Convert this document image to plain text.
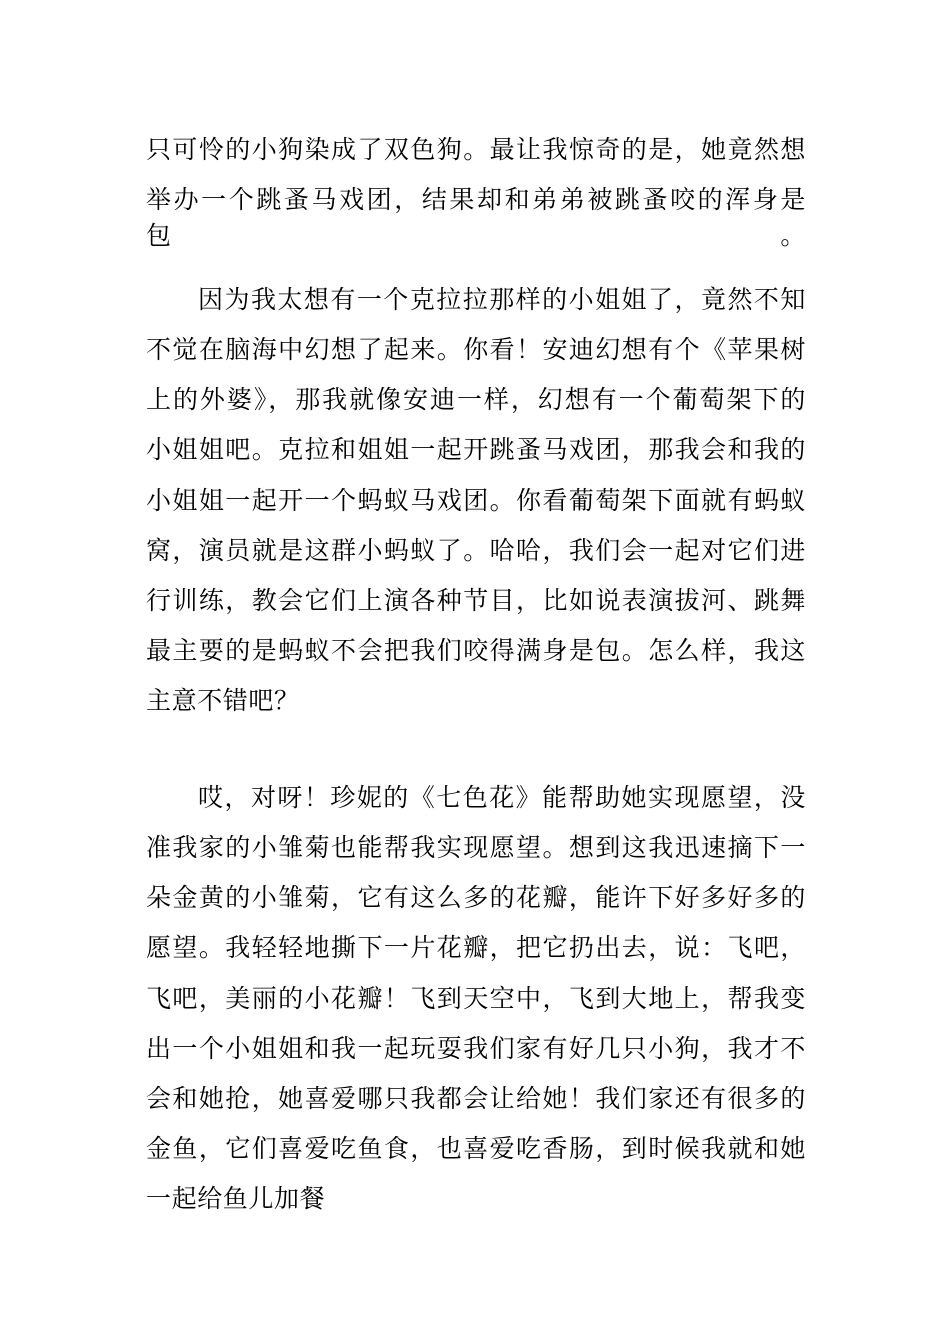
只可怜的小狗染成了双色狗。最让我惊奇的是，她竟然想
举办一个跳蚤马戏团，结果却和弟弟被跳蚤咬的浑身是包。
因为我太想有一个克拉拉那样的小姐姐了，竟然不知
不觉在脑海中幻想了起来。你看！安迪幻想有个《苹果树
上的外婆》，那我就像安迪一样，幻想有一个葡萄架下的
小姐姐吧。克拉和姐姐一起开跳蚤马戏团，那我会和我的
小姐姐一起开一个蚂蚁马戏团。你看葡萄架下面就有蚂蚁
窝，演员就是这群小蚂蚁了。哈哈，我们会一起对它们进
行训练，教会它们上演各种节目，比如说表演拔河、跳舞
最主要的是蚂蚁不会把我们咬得满身是包。怎么样，我这
主意不错吧？
哎，对呀！珍妮的《七色花》能帮助她实现愿望，没
准我家的小雏菊也能帮我实现愿望。想到这我迅速摘下一
朵金黄的小雏菊，它有这么多的花瓣，能许下好多好多的
愿望。我轻轻地撕下一片花瓣，把它扔出去，说：飞吧，
飞吧，美丽的小花瓣！飞到天空中，飞到大地上，帮我变
出一个小姐姐和我一起玩耍我们家有好几只小狗，我才不
会和她抢，她喜爱哪只我都会让给她！我们家还有很多的
金鱼，它们喜爱吃鱼食，也喜爱吃香肠，到时候我就和她
一起给鱼儿加餐
